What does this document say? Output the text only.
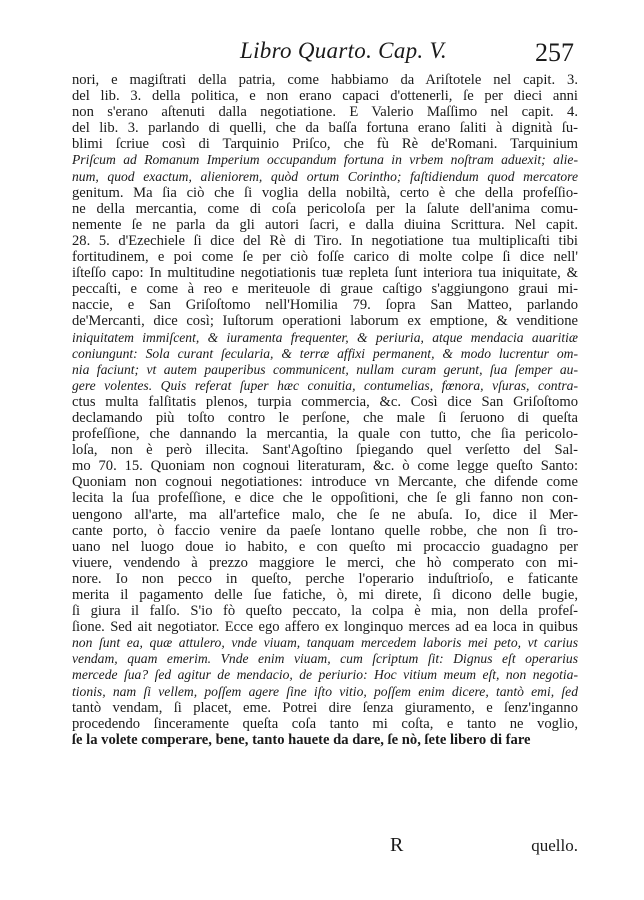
Libro Quarto. Cap. V.	257
nori, e magiſtrati della patria, come habbiamo da Ariſtotele nel capit. 3.
del lib. 3. della politica, e non erano capaci d'ottenerli, ſe per dieci anni
non s'erano aſtenuti dalla negotiatione. E Valerio Maſſimo nel capit. 4.
del lib. 3. parlando di quelli, che da baſſa fortuna erano ſaliti à dignità ſu-
blimi ſcriue così di Tarquinio Priſco, che fù Rè de'Romani. Tarquinium
Priſcum ad Romanum Imperium occupandum fortuna in vrbem noſtram aduexit; alie-
num, quod exactum, alieniorem, quòd ortum Corintho; faſtidiendum quod mercatore
genitum. Ma ſia ciò che ſi voglia della nobiltà, certo è che della profeſſio-
ne della mercantia, come di coſa pericoloſa per la ſalute dell'anima comu-
nemente ſe ne parla da gli autori ſacri, e dalla diuina Scrittura. Nel capit.
28. 5. d'Ezechiele ſi dice del Rè di Tiro. In negotiatione tua multiplicaſti tibi
fortitudinem, e poi come ſe per ciò foſſe carico di molte colpe ſi dice nell'
iſteſſo capo: In multitudine negotiationis tuæ repleta ſunt interiora tua iniquitate, &
peccaſti, e come à reo e meriteuole di graue caſtigo s'aggiungono graui mi-
naccie, e San Griſoſtomo nell'Homilia 79. ſopra San Matteo, parlando
de'Mercanti, dice così; Iuſtorum operationi laborum ex emptione, & venditione
iniquitatem immiſcent, & iuramenta frequenter, & periuria, atque mendacia auaritiæ
coniungunt: Sola curant ſecularia, & terræ affixi permanent, & modo lucrentur om-
nia faciunt; vt autem pauperibus communicent, nullam curam gerunt, ſua ſemper au-
gere volentes. Quis referat ſuper hæc conuitia, contumelias, fœnora, vſuras, contra-
ctus multa falſitatis plenos, turpia commercia, &c. Così dice San Griſoſtomo
declamando più toſto contro le perſone, che male ſi ſeruono di queſta
profeſſione, che dannando la mercantia, la quale con tutto, che ſia pericolo-
loſa, non è però illecita. Sant'Agoſtino ſpiegando quel verſetto del Sal-
mo 70. 15. Quoniam non cognoui literaturam, &c. ò come legge queſto Santo:
Quoniam non cognoui negotiationes: introduce vn Mercante, che difende come
lecita la ſua profeſſione, e dice che le oppoſitioni, che ſe gli fanno non con-
uengono all'arte, ma all'artefice malo, che ſe ne abuſa. Io, dice il Mer-
cante porto, ò faccio venire da paeſe lontano quelle robbe, che non ſi tro-
uano nel luogo doue io habito, e con queſto mi procaccio guadagno per
viuere, vendendo à prezzo maggiore le merci, che hò comperato con mi-
nore. Io non pecco in queſto, perche l'operario induſtrioſo, e faticante
merita il pagamento delle ſue fatiche, ò, mi direte, ſi dicono delle bugie,
ſi giura il falſo. S'io fò queſto peccato, la colpa è mia, non della profeſ-
ſione. Sed ait negotiator. Ecce ego affero ex longinquo merces ad ea loca in quibus
non ſunt ea, quæ attulero, vnde viuam, tanquam mercedem laboris mei peto, vt carius
vendam, quam emerim. Vnde enim viuam, cum ſcriptum ſit: Dignus eſt operarius
mercede ſua? ſed agitur de mendacio, de periurio: Hoc vitium meum eſt, non negotia-
tionis, nam ſi vellem, poſſem agere ſine iſto vitio, poſſem enim dicere, tantò emi, ſed
tantò vendam, ſi placet, eme. Potrei dire ſenza giuramento, e ſenz'inganno
procedendo ſinceramente queſta coſa tanto mi coſta, e tanto ne voglio,
ſe la volete comperare, bene, tanto hauete da dare, ſe nò, ſete libero di fare
R	quello.
